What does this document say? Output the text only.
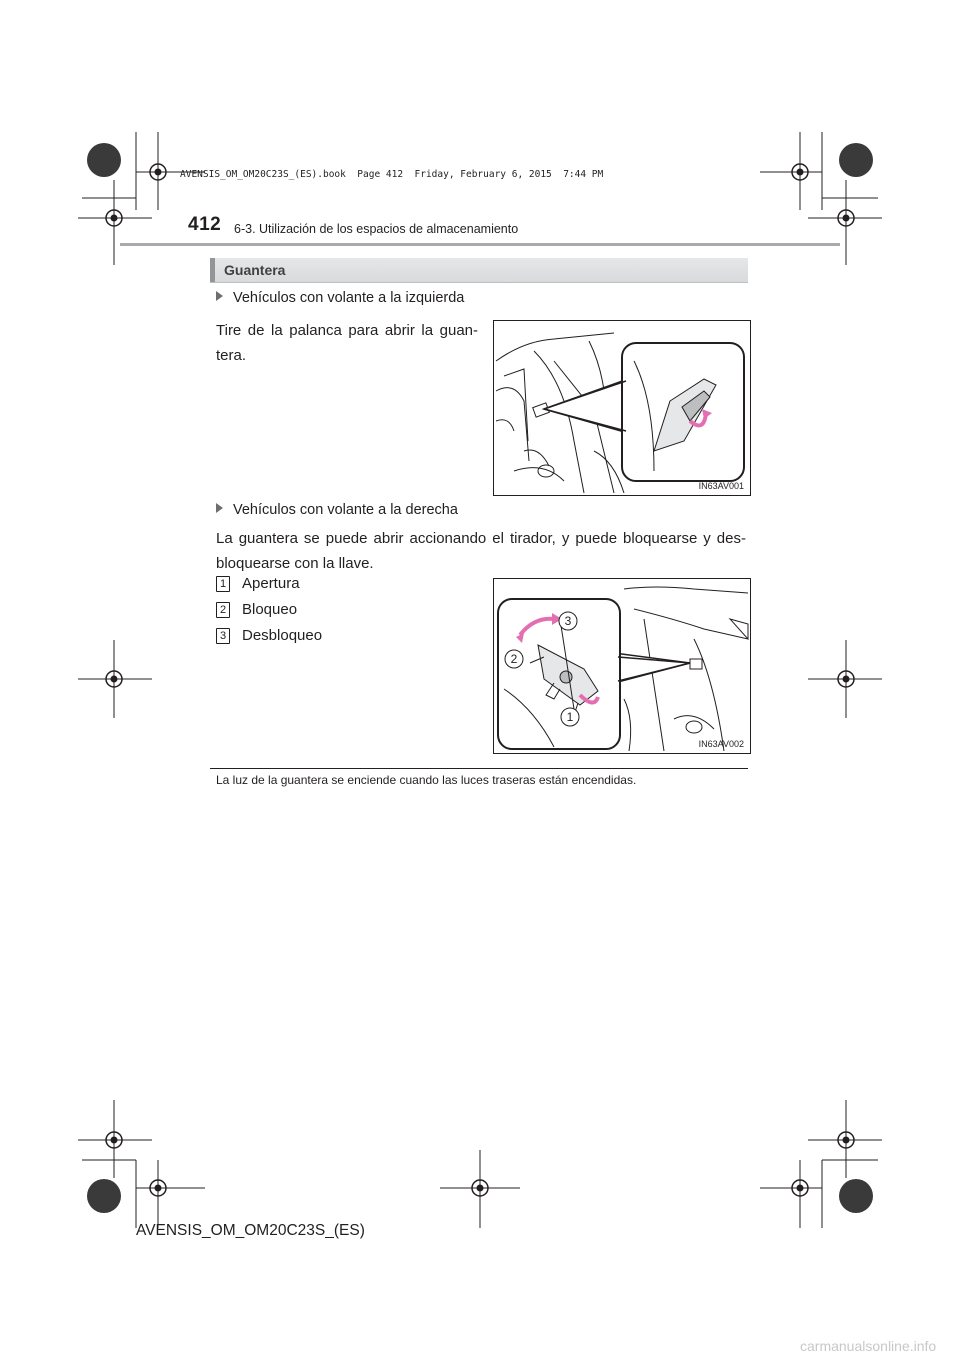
AVENSIS_OM_OM20C23S_(ES).book  Page 412  Friday, February 6, 2015  7:44 PM
412 6-3. Utilización de los espacios de almacenamiento
Guantera
Vehículos con volante a la izquierda
Tire de la palanca para abrir la guan-
tera.
IN63AV001
Vehículos con volante a la derecha
La guantera se puede abrir accionando el tirador, y puede bloquearse y des-
bloquearse con la llave.
1 Apertura
2 Bloqueo
3 Desbloqueo
3
2
1
IN63AV002
La luz de la guantera se enciende cuando las luces traseras están encendidas.
AVENSIS_OM_OM20C23S_(ES)
carmanualsonline.info
